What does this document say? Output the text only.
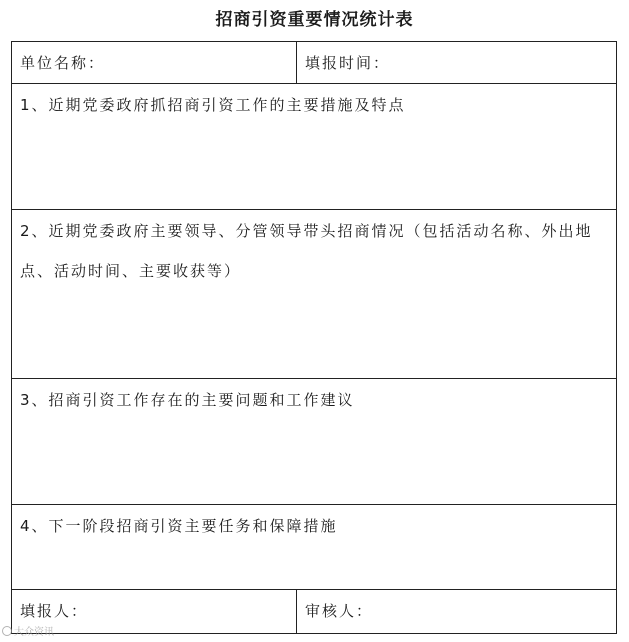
招商引资重要情况统计表
单位名称：	填报时间：
1、近期党委政府抓招商引资工作的主要措施及特点
2、近期党委政府主要领导、分管领导带头招商情况（包括活动名称、外出地点、活动时间、主要收获等）
3、招商引资工作存在的主要问题和工作建议
4、下一阶段招商引资主要任务和保障措施
填报人：	审核人：
大众资讯
